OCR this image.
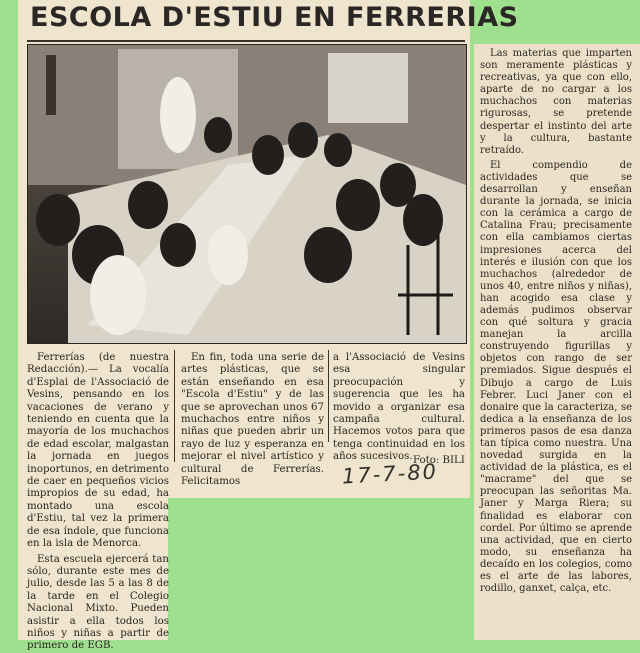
ESCOLA D'ESTIU EN FERRERIAS

Ferrerías (de nuestra Redacción).— La vocalía d'Esplai de l'Associació de Vesins, pensando en los vacaciones de verano y teniendo en cuenta que la mayoría de los muchachos de edad escolar, malgastan la jornada en juegos inoportunos, en detrimento de caer en pequeños vicios impropios de su edad, ha montado una escola d'Estiu, tal vez la primera de esa índole, que funciona en la isla de Menorca.

Esta escuela ejercerá tan sólo, durante este mes de julio, desde las 5 a las 8 de la tarde en el Colegio Nacional Mixto. Pueden asistir a ella todos los niños y niñas a partir de primero de EGB.

En fin, toda una serie de artes plásticas, que se están enseñando en esa "Escola d'Estiu" y de las que se aprovechan unos 67 muchachos entre niños y niñas que pueden abrir un rayo de luz y esperanza en mejorar el nivel artístico y cultural de Ferrerías. Felicitamos

a l'Associació de Vesins esa singular preocupación y sugerencia que les ha movido a organizar esa campaña cultural. Hacemos votos para que tenga continuidad en los años sucesivos. Foto: BILI
17-7-80

Las materias que imparten son meramente plásticas y recreativas, ya que con ello, aparte de no cargar a los muchachos con materias rigurosas, se pretende despertar el instinto del arte y la cultura, bastante retraído.

El compendio de actividades que se desarrollan y enseñan durante la jornada, se inicia con la cerámica a cargo de Catalina Frau; precisamente con ella cambiamos ciertas impresiones acerca del interés e ilusión con que los muchachos (alrededor de unos 40, entre niños y niñas), han acogido esa clase y además pudimos observar con qué soltura y gracia manejan la arcilla construyendo figurillas y objetos con rango de ser premiados. Sigue después el Dibujo a cargo de Luis Febrer. Luci Janer con el donaire que la caracteriza, se dedica a la enseñanza de los primeros pasos de esa danza tan típica como nuestra. Una novedad surgida en la actividad de la plástica, es el "macrame" del que se preocupan las señoritas Ma. Janer y Marga Riera; su finalidad es elaborar con cordel. Por último se aprende una actividad, que en cierto modo, su enseñanza ha decaído en los colegios, como es el arte de las labores, rodillo, ganxet, calça, etc.
